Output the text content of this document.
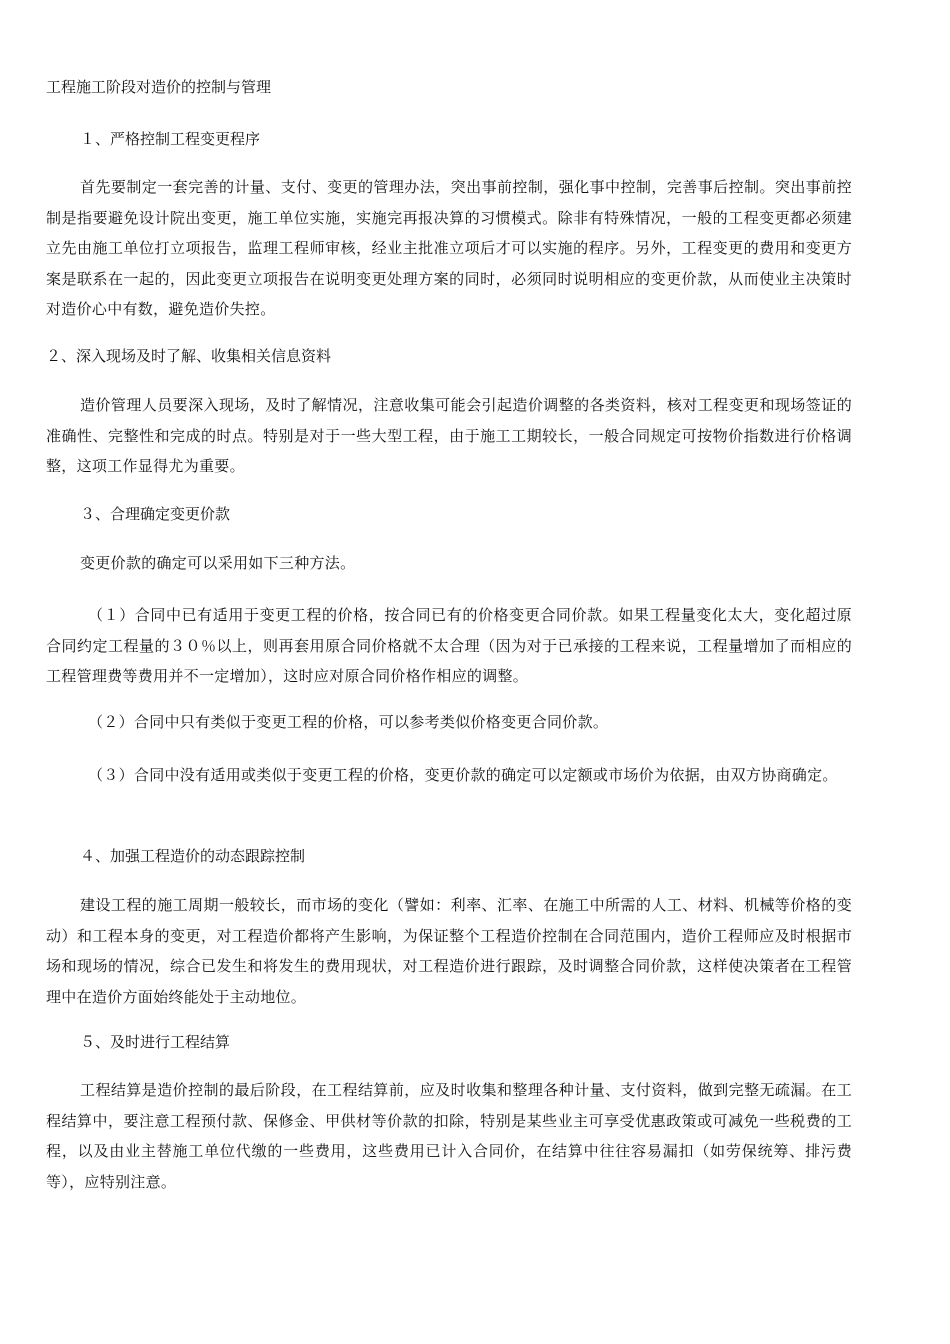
工程施工阶段对造价的控制与管理
１、严格控制工程变更程序
首先要制定一套完善的计量、支付、变更的管理办法，突出事前控制，强化事中控制，完善事后控制。突出事前控制是指要避免设计院出变更，施工单位实施，实施完再报决算的习惯模式。除非有特殊情况，一般的工程变更都必须建立先由施工单位打立项报告，监理工程师审核，经业主批准立项后才可以实施的程序。另外，工程变更的费用和变更方案是联系在一起的，因此变更立项报告在说明变更处理方案的同时，必须同时说明相应的变更价款，从而使业主决策时对造价心中有数，避免造价失控。
２、深入现场及时了解、收集相关信息资料
造价管理人员要深入现场，及时了解情况，注意收集可能会引起造价调整的各类资料，核对工程变更和现场签证的准确性、完整性和完成的时点。特别是对于一些大型工程，由于施工工期较长，一般合同规定可按物价指数进行价格调整，这项工作显得尤为重要。
３、合理确定变更价款
变更价款的确定可以采用如下三种方法。
（１）合同中已有适用于变更工程的价格，按合同已有的价格变更合同价款。如果工程量变化太大，变化超过原合同约定工程量的３０％以上，则再套用原合同价格就不太合理（因为对于已承接的工程来说，工程量增加了而相应的工程管理费等费用并不一定增加），这时应对原合同价格作相应的调整。
（２）合同中只有类似于变更工程的价格，可以参考类似价格变更合同价款。
（３）合同中没有适用或类似于变更工程的价格，变更价款的确定可以定额或市场价为依据，由双方协商确定。
４、加强工程造价的动态跟踪控制
建设工程的施工周期一般较长，而市场的变化（譬如：利率、汇率、在施工中所需的人工、材料、机械等价格的变动）和工程本身的变更，对工程造价都将产生影响，为保证整个工程造价控制在合同范围内，造价工程师应及时根据市场和现场的情况，综合已发生和将发生的费用现状，对工程造价进行跟踪，及时调整合同价款，这样使决策者在工程管理中在造价方面始终能处于主动地位。
５、及时进行工程结算
工程结算是造价控制的最后阶段，在工程结算前，应及时收集和整理各种计量、支付资料，做到完整无疏漏。在工程结算中，要注意工程预付款、保修金、甲供材等价款的扣除，特别是某些业主可享受优惠政策或可减免一些税费的工程，以及由业主替施工单位代缴的一些费用，这些费用已计入合同价，在结算中往往容易漏扣（如劳保统筹、排污费等），应特别注意。
